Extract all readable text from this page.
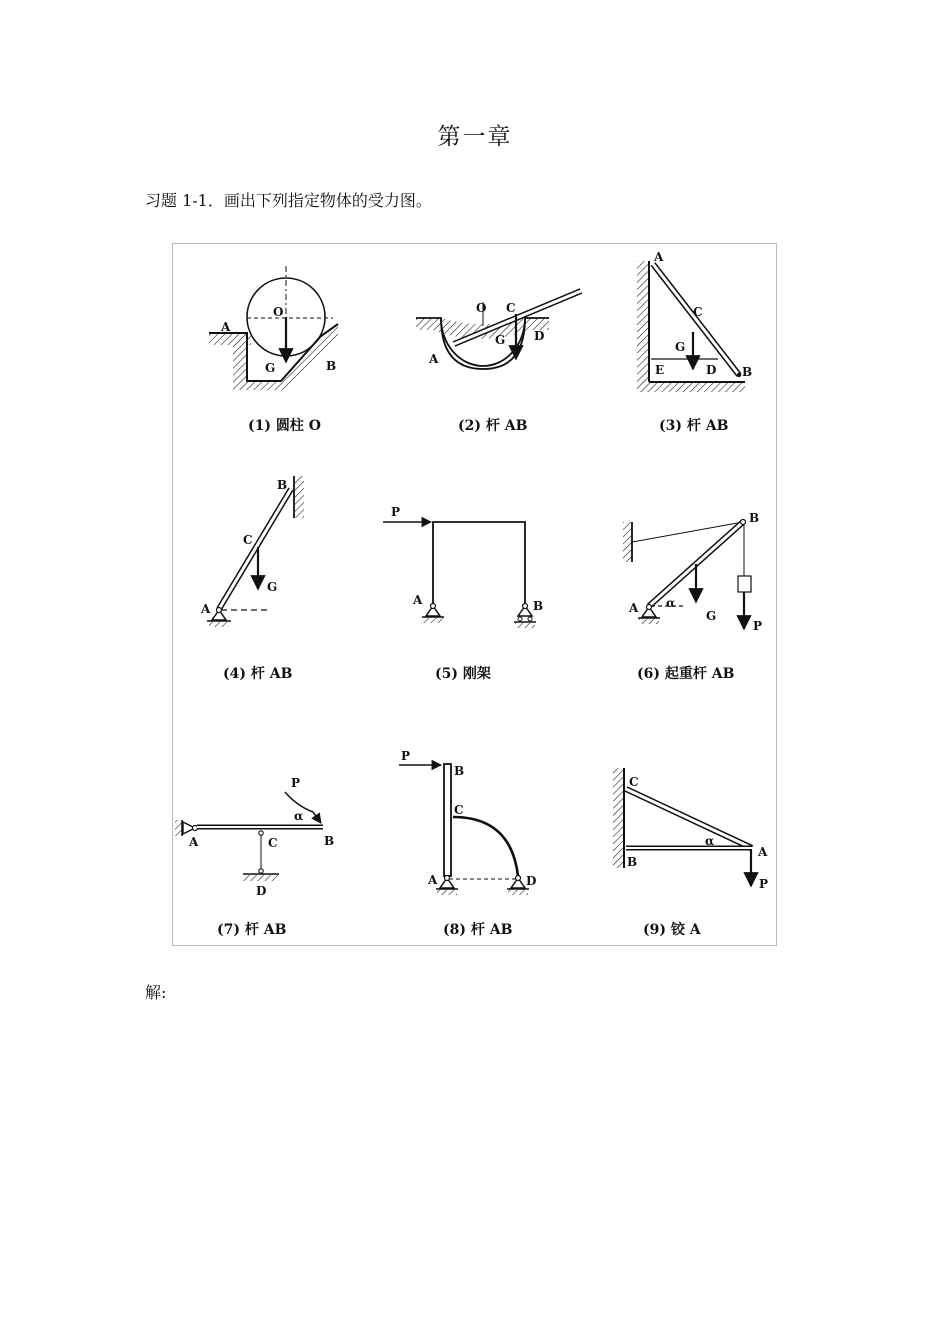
第一章
习题 1-1．画出下列指定物体的受力图。
A
O
G	B
(1) 圆柱 O
O C
G D
A
(2) 杆 AB
A
C
G
E	D B
(3) 杆 AB
B
C
G
A
(4) 杆 AB
P
A	B
(5) 刚架
B
A α
G
P
(6) 起重杆 AB
P
α
A	C	B
D
(7) 杆 AB
P
B
C
A	D
(8) 杆 AB
C
α
B
A
P
(9) 铰 A
解:
